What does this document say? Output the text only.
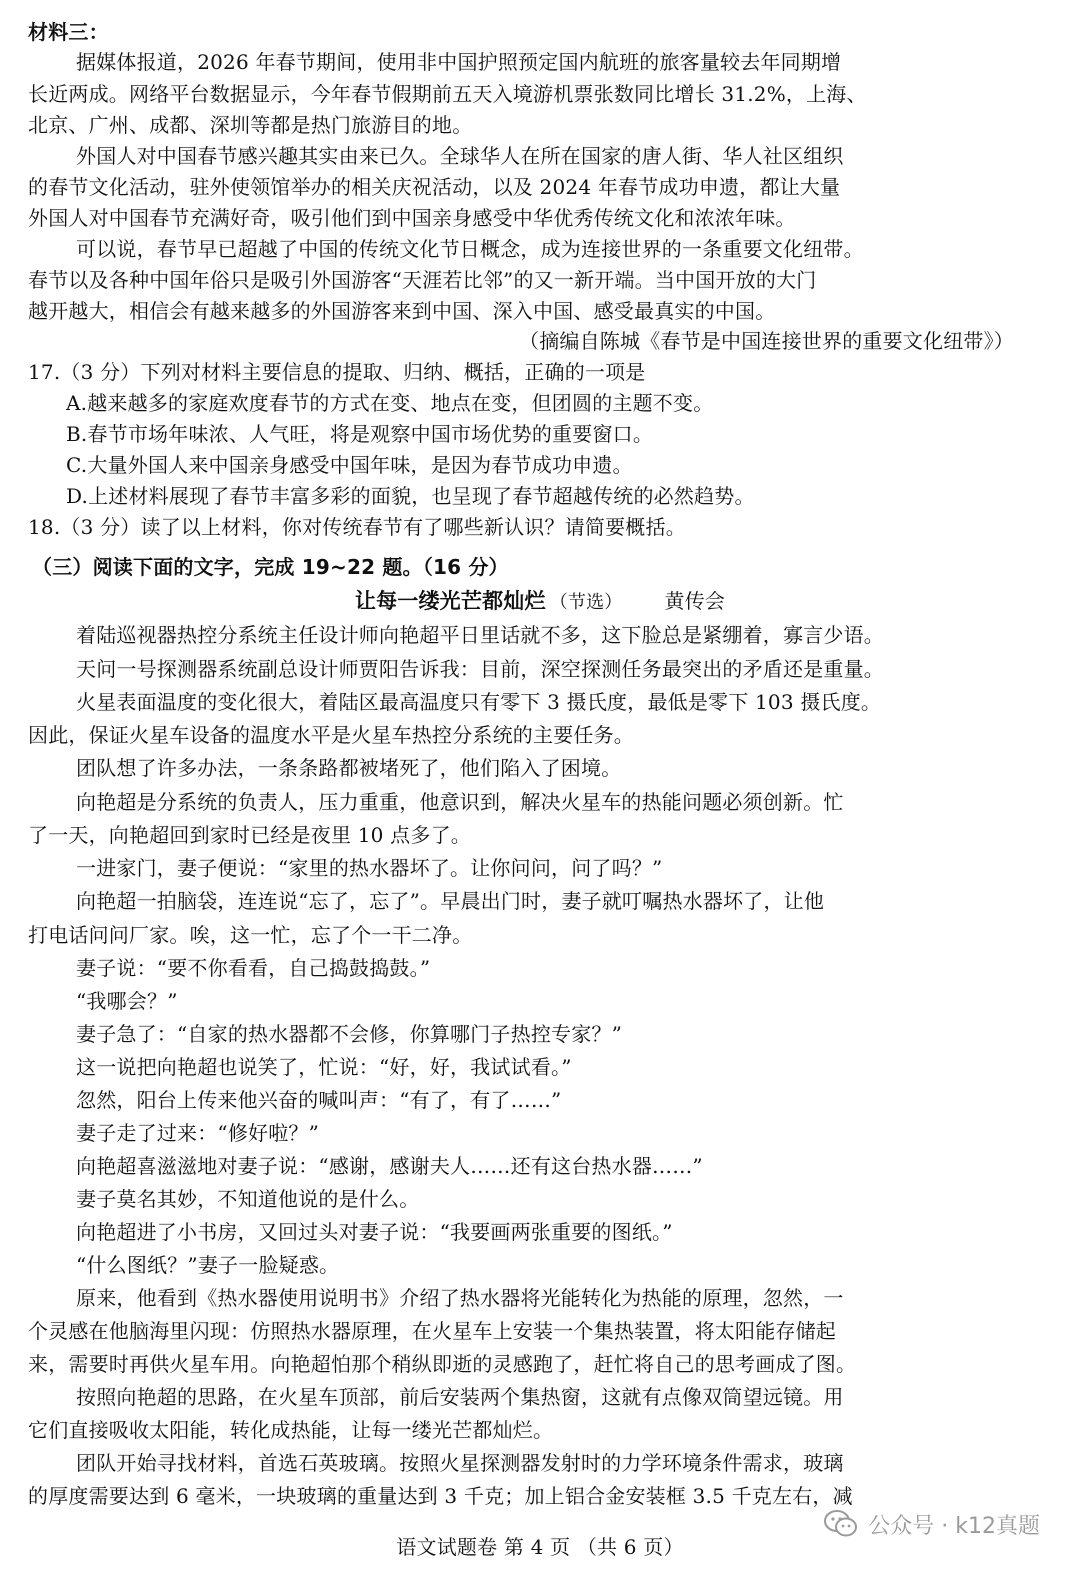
材料三：
据媒体报道，2026 年春节期间，使用非中国护照预定国内航班的旅客量较去年同期增
长近两成。网络平台数据显示，今年春节假期前五天入境游机票张数同比增长 31.2%，上海、
北京、广州、成都、深圳等都是热门旅游目的地。
外国人对中国春节感兴趣其实由来已久。全球华人在所在国家的唐人街、华人社区组织
的春节文化活动，驻外使领馆举办的相关庆祝活动，以及 2024 年春节成功申遗，都让大量
外国人对中国春节充满好奇，吸引他们到中国亲身感受中华优秀传统文化和浓浓年味。
可以说，春节早已超越了中国的传统文化节日概念，成为连接世界的一条重要文化纽带。
春节以及各种中国年俗只是吸引外国游客“天涯若比邻”的又一新开端。当中国开放的大门
越开越大，相信会有越来越多的外国游客来到中国、深入中国、感受最真实的中国。
（摘编自陈城《春节是中国连接世界的重要文化纽带》）
17.（3 分）下列对材料主要信息的提取、归纳、概括，正确的一项是
A.越来越多的家庭欢度春节的方式在变、地点在变，但团圆的主题不变。
B.春节市场年味浓、人气旺，将是观察中国市场优势的重要窗口。
C.大量外国人来中国亲身感受中国年味，是因为春节成功申遗。
D.上述材料展现了春节丰富多彩的面貌，也呈现了春节超越传统的必然趋势。
18.（3 分）读了以上材料，你对传统春节有了哪些新认识？请简要概括。
（三）阅读下面的文字，完成 19~22 题。（16 分）
让每一缕光芒都灿烂 （节选） 黄传会
着陆巡视器热控分系统主任设计师向艳超平日里话就不多，这下脸总是紧绷着，寡言少语。
天问一号探测器系统副总设计师贾阳告诉我：目前，深空探测任务最突出的矛盾还是重量。
火星表面温度的变化很大，着陆区最高温度只有零下 3 摄氏度，最低是零下 103 摄氏度。
因此，保证火星车设备的温度水平是火星车热控分系统的主要任务。
团队想了许多办法，一条条路都被堵死了，他们陷入了困境。
向艳超是分系统的负责人，压力重重，他意识到，解决火星车的热能问题必须创新。忙
了一天，向艳超回到家时已经是夜里 10 点多了。
一进家门，妻子便说：“家里的热水器坏了。让你问问，问了吗？”
向艳超一拍脑袋，连连说“忘了，忘了”。早晨出门时，妻子就叮嘱热水器坏了，让他
打电话问问厂家。唉，这一忙，忘了个一干二净。
妻子说：“要不你看看，自己捣鼓捣鼓。”
“我哪会？”
妻子急了：“自家的热水器都不会修，你算哪门子热控专家？”
这一说把向艳超也说笑了，忙说：“好，好，我试试看。”
忽然，阳台上传来他兴奋的喊叫声：“有了，有了……”
妻子走了过来：“修好啦？”
向艳超喜滋滋地对妻子说：“感谢，感谢夫人……还有这台热水器……”
妻子莫名其妙，不知道他说的是什么。
向艳超进了小书房，又回过头对妻子说：“我要画两张重要的图纸。”
“什么图纸？”妻子一脸疑惑。
原来，他看到《热水器使用说明书》介绍了热水器将光能转化为热能的原理，忽然，一
个灵感在他脑海里闪现：仿照热水器原理，在火星车上安装一个集热装置，将太阳能存储起
来，需要时再供火星车用。向艳超怕那个稍纵即逝的灵感跑了，赶忙将自己的思考画成了图。
按照向艳超的思路，在火星车顶部，前后安装两个集热窗，这就有点像双筒望远镜。用
它们直接吸收太阳能，转化成热能，让每一缕光芒都灿烂。
团队开始寻找材料，首选石英玻璃。按照火星探测器发射时的力学环境条件需求，玻璃
的厚度需要达到 6 毫米，一块玻璃的重量达到 3 千克；加上铝合金安装框 3.5 千克左右，减
语文试题卷 第 4 页 （共 6 页）
公众号 · k12真题
